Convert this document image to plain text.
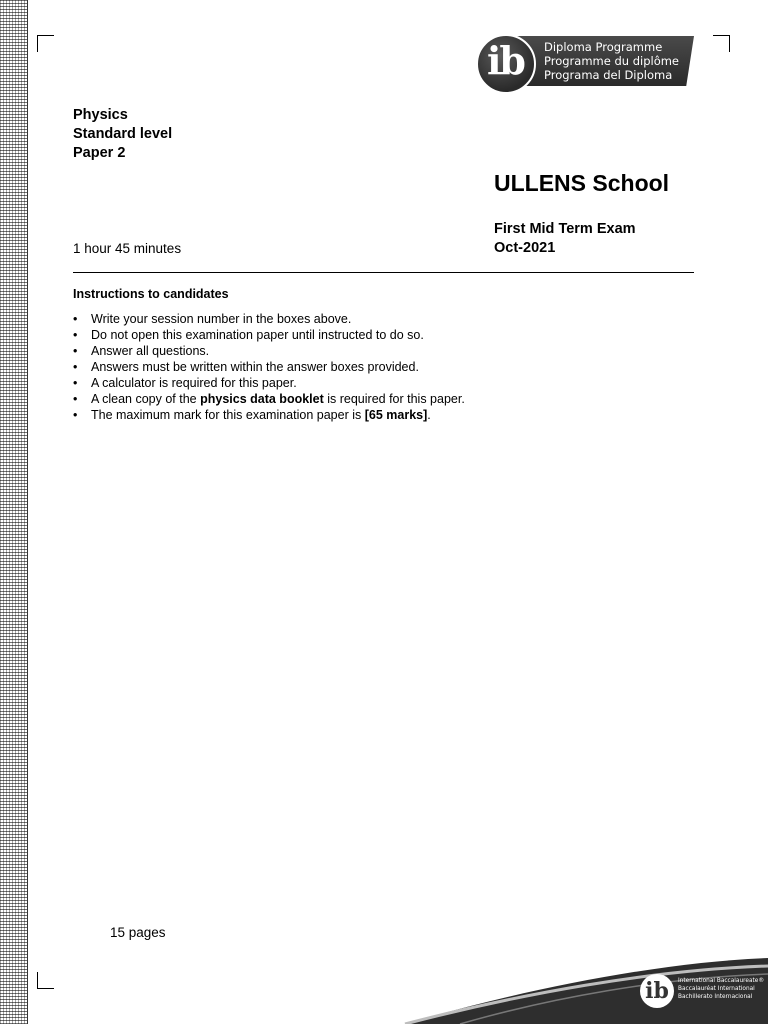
ib Diploma Programme
Programme du diplôme
Programa del Diploma
Physics
Standard level
Paper 2
ULLENS School
First Mid Term Exam
Oct-2021
1 hour 45 minutes
Instructions to candidates
• Write your session number in the boxes above.
• Do not open this examination paper until instructed to do so.
• Answer all questions.
• Answers must be written within the answer boxes provided.
• A calculator is required for this paper.
• A clean copy of the physics data booklet is required for this paper.
• The maximum mark for this examination paper is [65 marks].
15 pages
ib	International Baccalaureate®
Baccalauréat International
Bachillerato Internacional
